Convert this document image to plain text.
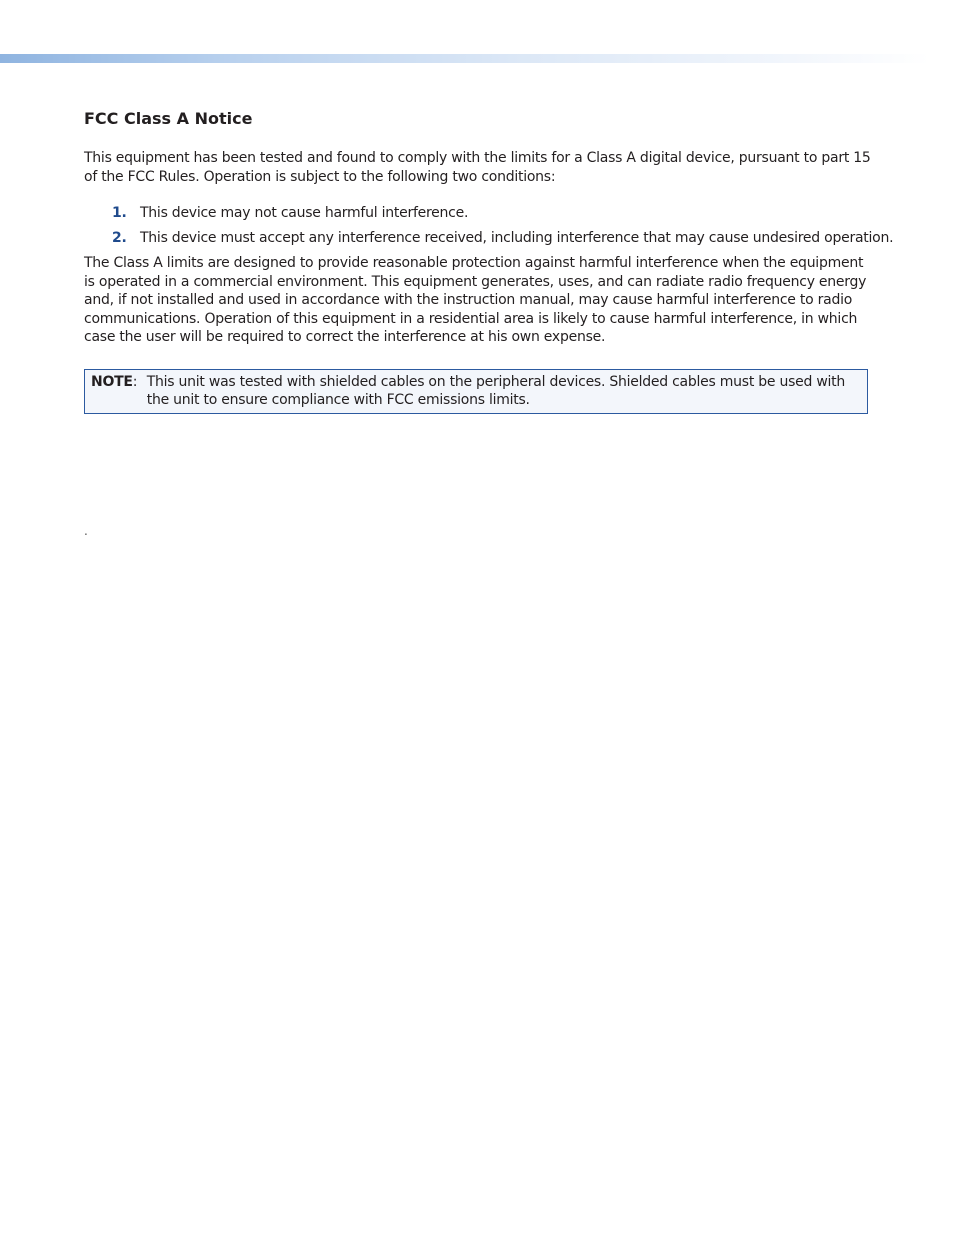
FCC Class A Notice

This equipment has been tested and found to comply with the limits for a Class A digital device, pursuant to part 15 of the FCC Rules. Operation is subject to the following two conditions:

1. This device may not cause harmful interference.
2. This device must accept any interference received, including interference that may cause undesired operation.

The Class A limits are designed to provide reasonable protection against harmful interference when the equipment is operated in a commercial environment. This equipment generates, uses, and can radiate radio frequency energy and, if not installed and used in accordance with the instruction manual, may cause harmful interference to radio communications. Operation of this equipment in a residential area is likely to cause harmful interference, in which case the user will be required to correct the interference at his own expense.

NOTE : This unit was tested with shielded cables on the peripheral devices. Shielded cables must be used with the unit to ensure compliance with FCC emissions limits.
.
